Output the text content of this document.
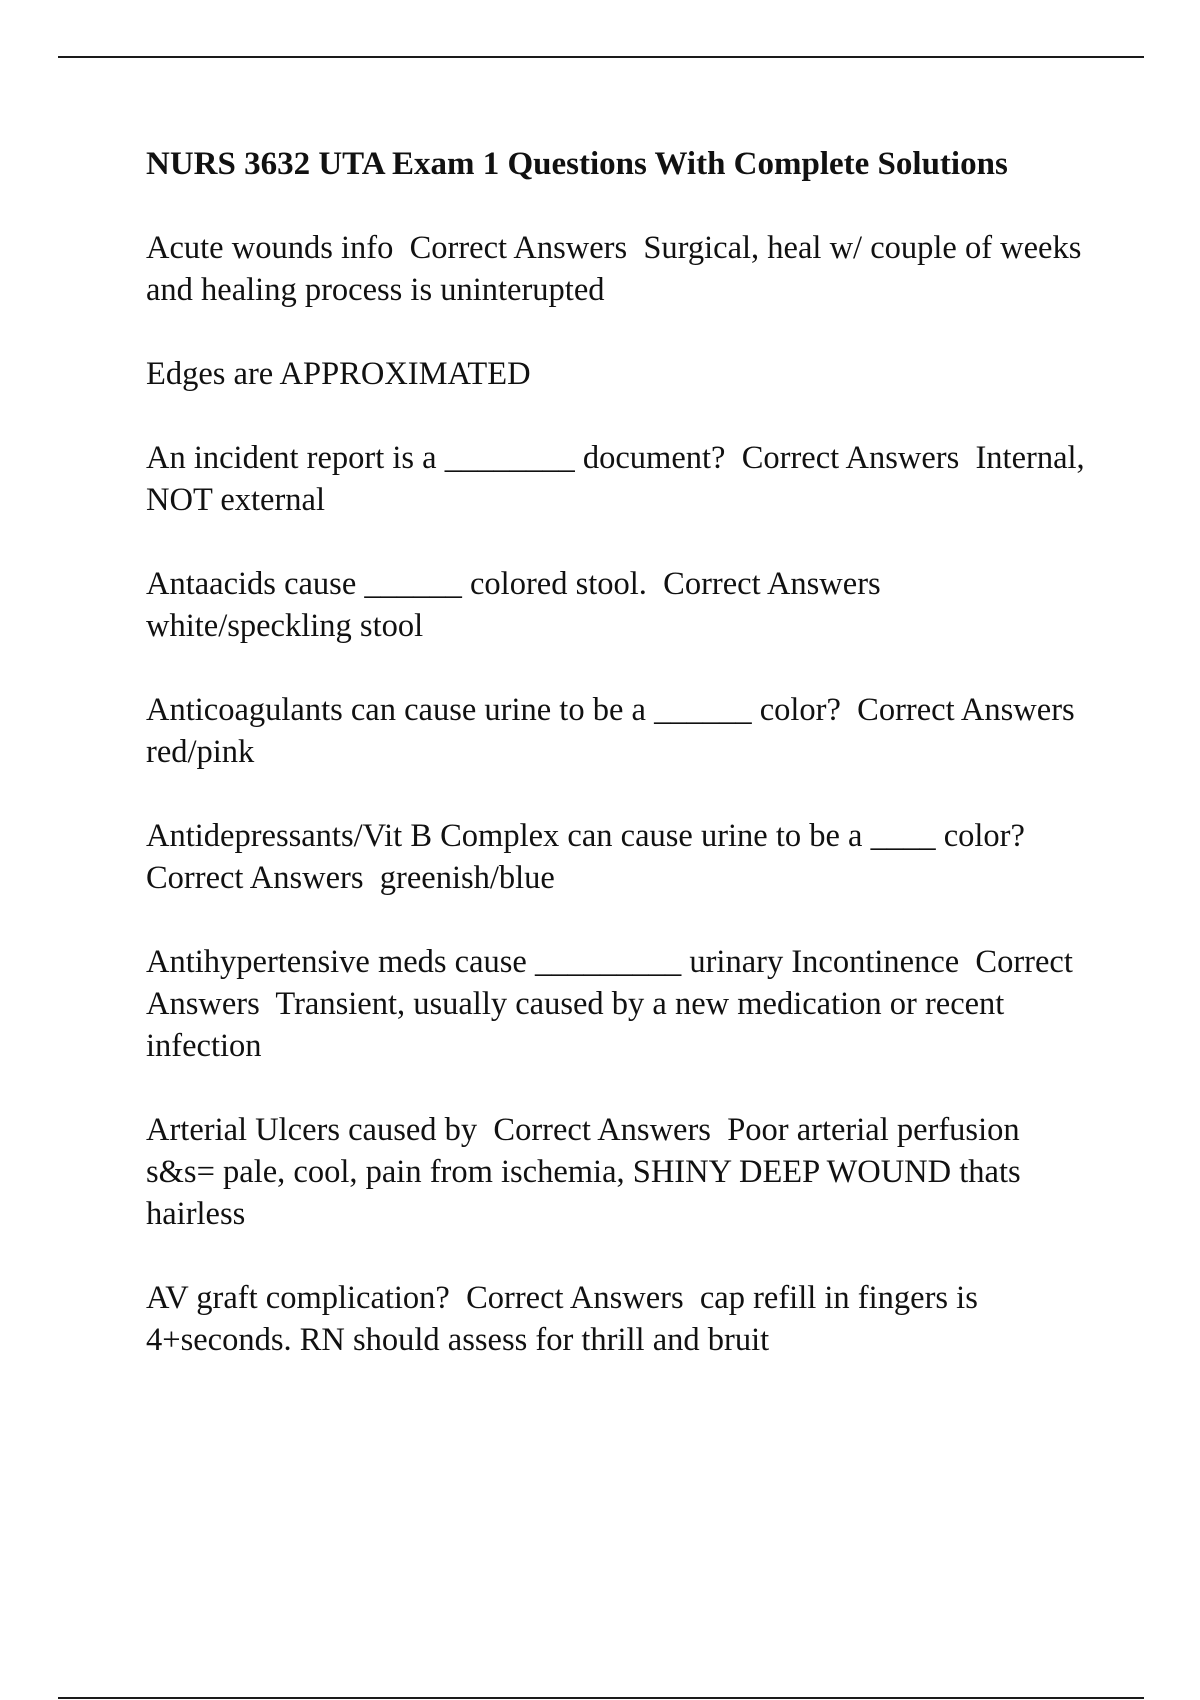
NURS 3632 UTA Exam 1 Questions With Complete Solutions
Acute wounds info  Correct Answers  Surgical, heal w/ couple of weeks and healing process is uninterupted
Edges are APPROXIMATED
An incident report is a ________ document?  Correct Answers  Internal, NOT external
Antaacids cause ______ colored stool.  Correct Answers  white/speckling stool
Anticoagulants can cause urine to be a ______ color?  Correct Answers  red/pink
Antidepressants/Vit B Complex can cause urine to be a ____ color?  Correct Answers  greenish/blue
Antihypertensive meds cause _________ urinary Incontinence  Correct Answers  Transient, usually caused by a new medication or recent infection
Arterial Ulcers caused by  Correct Answers  Poor arterial perfusion
s&s= pale, cool, pain from ischemia, SHINY DEEP WOUND thats hairless
AV graft complication?  Correct Answers  cap refill in fingers is 4+seconds. RN should assess for thrill and bruit
